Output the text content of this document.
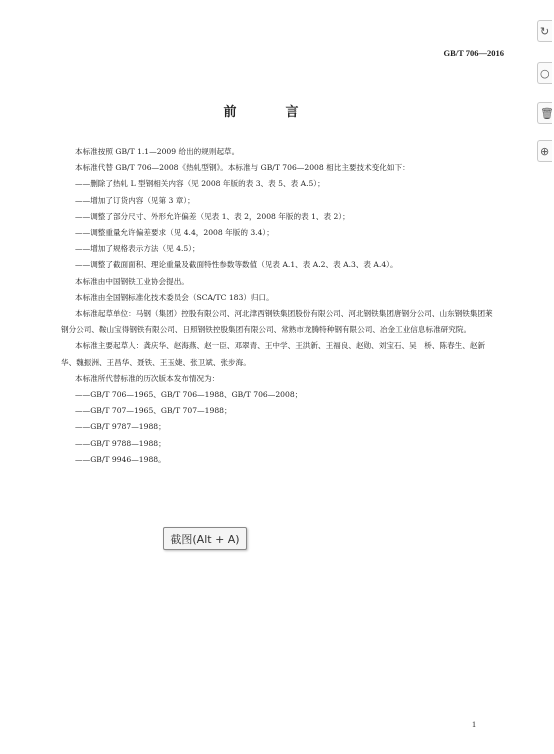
GB/T 706—2016
前　言

本标准按照 GB/T 1.1—2009 给出的规则起草。

本标准代替 GB/T 706—2008《热轧型钢》。本标准与 GB/T 706—2008 相比主要技术变化如下：

——删除了热轧 L 型钢相关内容（见 2008 年版的表 3、表 5、表 A.5）；

——增加了订货内容（见第 3 章）；

——调整了部分尺寸、外形允许偏差（见表 1、表 2，2008 年版的表 1、表 2）；

——调整重量允许偏差要求（见 4.4，2008 年版的 3.4）；

——增加了规格表示方法（见 4.5）；

——调整了截面面积、理论重量及截面特性参数等数值（见表 A.1、表 A.2、表 A.3、表 A.4）。

本标准由中国钢铁工业协会提出。

本标准由全国钢标准化技术委员会（SCA/TC 183）归口。

本标准起草单位：马钢（集团）控股有限公司、河北津西钢铁集团股份有限公司、河北钢铁集团唐钢分公司、山东钢铁集团莱钢分公司、鞍山宝得钢铁有限公司、日照钢铁控股集团有限公司、常熟市龙腾特种钢有限公司、冶金工业信息标准研究院。

本标准主要起草人：龚庆华、赵海燕、赵一臣、邓翠青、王中学、王洪新、王福良、赵勋、刘宝石、吴　桥、陈春生、赵新华、魏振洲、王昌华、聂铁、王玉婕、张卫斌、张步海。

本标准所代替标准的历次版本发布情况为：

——GB/T 706—1965、GB/T 706—1988、GB/T 706—2008；

——GB/T 707—1965、GB/T 707—1988；

——GB/T 9787—1988；

——GB/T 9788—1988；

——GB/T 9946—1988。

1
截图(Alt + A)
↻
○
🗑
⊕
